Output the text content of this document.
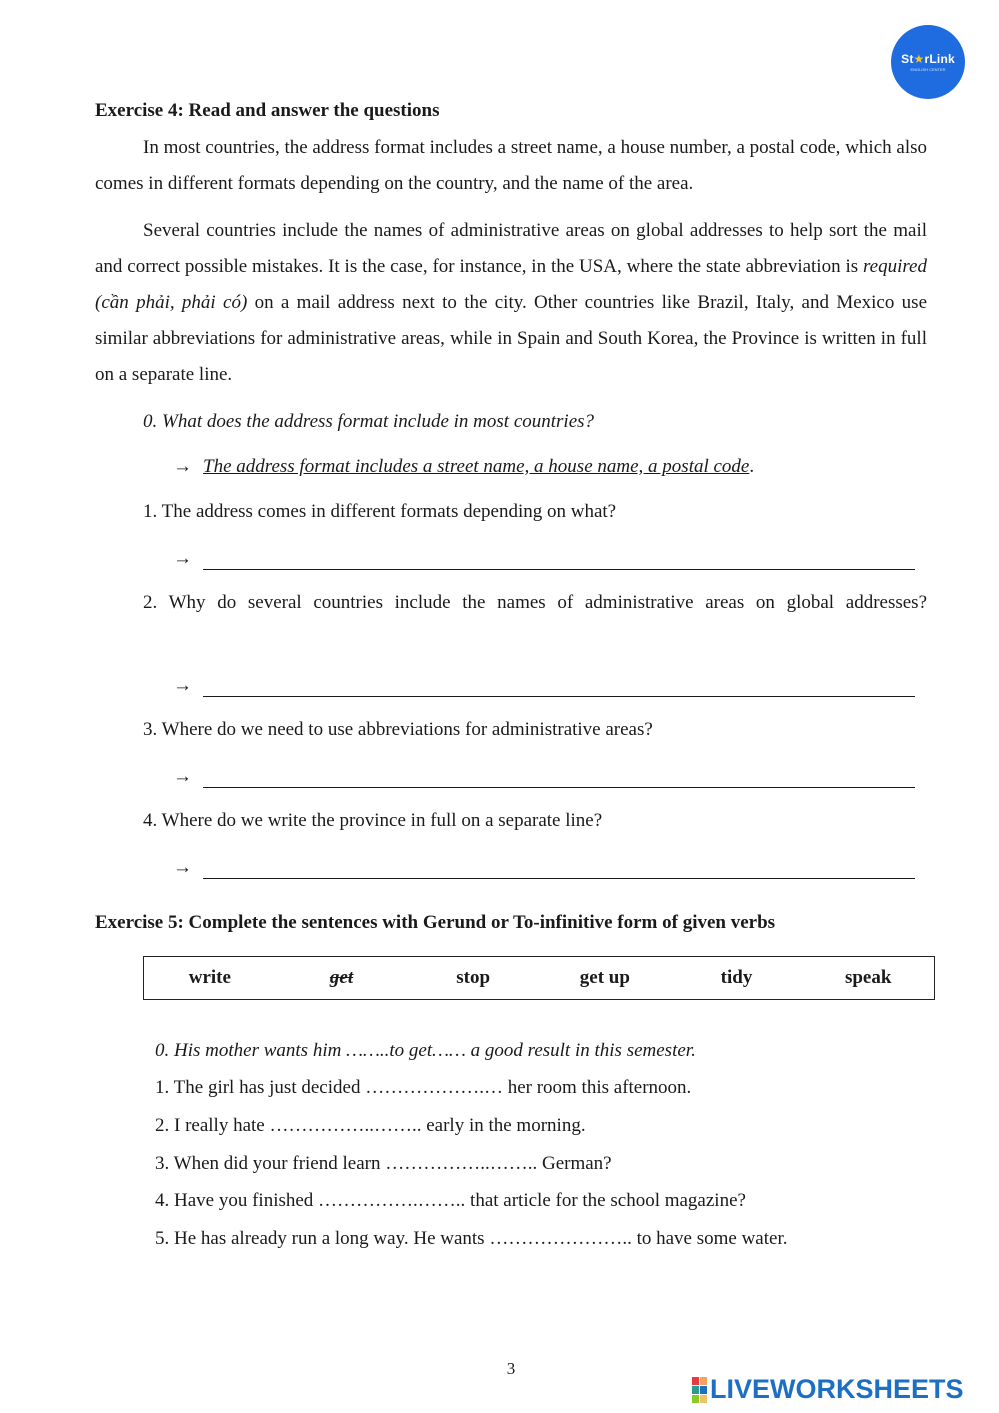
St★rLink
ENGLISH CENTER
Exercise 4: Read and answer the questions
In most countries, the address format includes a street name, a house number, a postal code, which also comes in different formats depending on the country, and the name of the area.
Several countries include the names of administrative areas on global addresses to help sort the mail and correct possible mistakes. It is the case, for instance, in the USA, where the state abbreviation is required (cần phải, phải có) on a mail address next to the city. Other countries like Brazil, Italy, and Mexico use similar abbreviations for administrative areas, while in Spain and South Korea, the Province is written in full on a separate line.
0. What does the address format include in most countries?
→ The address format includes a street name, a house name, a postal code .
1. The address comes in different formats depending on what?
→
2. Why do several countries include the names of administrative areas on global addresses?
→
3. Where do we need to use abbreviations for administrative areas?
→
4. Where do we write the province in full on a separate line?
→
Exercise 5: Complete the sentences with Gerund or To-infinitive form of given verbs
write	get	stop	get up	tidy	speak
0. His mother wants him ……..to get…… a good result in this semester.
1. The girl has just decided ……………….… her room this afternoon.
2. I really hate ……………..…….. early in the morning.
3. When did your friend learn ……………..…….. German?
4. Have you finished …………….…….. that article for the school magazine?
5. He has already run a long way. He wants ………………….. to have some water.
3
LIVEWORKSHEETS
